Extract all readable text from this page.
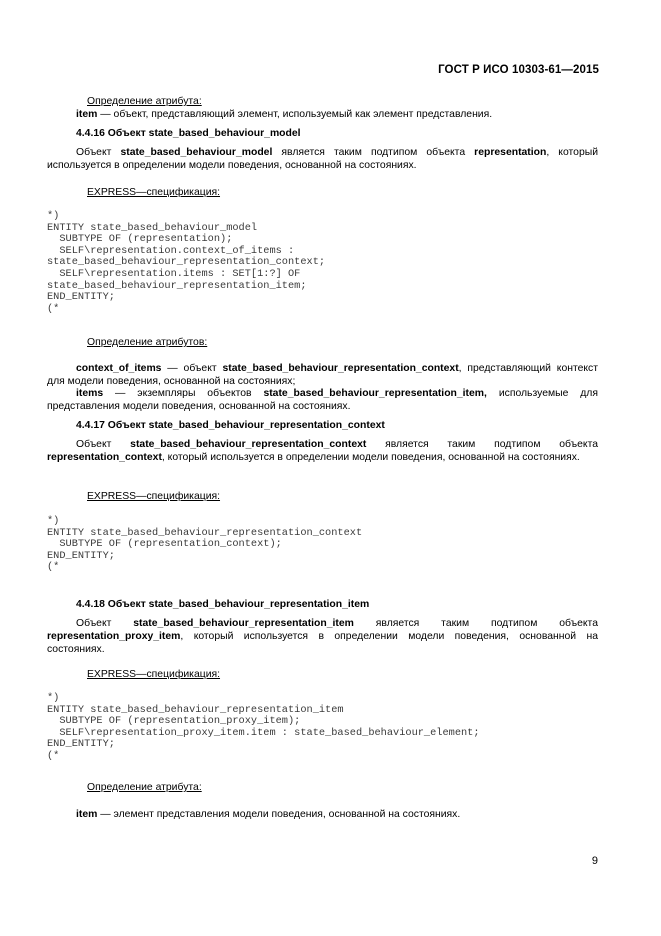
ГОСТ Р ИСО 10303-61—2015
Определение атрибута:
item — объект, представляющий элемент, используемый как элемент представления.
4.4.16 Объект state_based_behaviour_model
Объект state_based_behaviour_model является таким подтипом объекта representation, который используется в определении модели поведения, основанной на состояниях.
EXPRESS—спецификация:
*)
ENTITY state_based_behaviour_model
SUBTYPE OF (representation);
SELF\representation.context_of_items :
state_based_behaviour_representation_context;
SELF\representation.items : SET[1:?] OF
state_based_behaviour_representation_item;
END_ENTITY;
(*
Определение атрибутов:
context_of_items — объект state_based_behaviour_representation_context, представляющий контекст для модели поведения, основанной на состояниях;
items — экземпляры объектов state_based_behaviour_representation_item, используемые для представления модели поведения, основанной на состояниях.
4.4.17 Объект state_based_behaviour_representation_context
Объект state_based_behaviour_representation_context является таким подтипом объекта representation_context, который используется в определении модели поведения, основанной на состояниях.
EXPRESS—спецификация:
*)
ENTITY state_based_behaviour_representation_context
SUBTYPE OF (representation_context);
END_ENTITY;
(*
4.4.18 Объект state_based_behaviour_representation_item
Объект state_based_behaviour_representation_item является таким подтипом объекта representation_proxy_item, который используется в определении модели поведения, основанной на состояниях.
EXPRESS—спецификация:
*)
ENTITY state_based_behaviour_representation_item
SUBTYPE OF (representation_proxy_item);
SELF\representation_proxy_item.item : state_based_behaviour_element;
END_ENTITY;
(*
Определение атрибута:
item — элемент представления модели поведения, основанной на состояниях.
9
